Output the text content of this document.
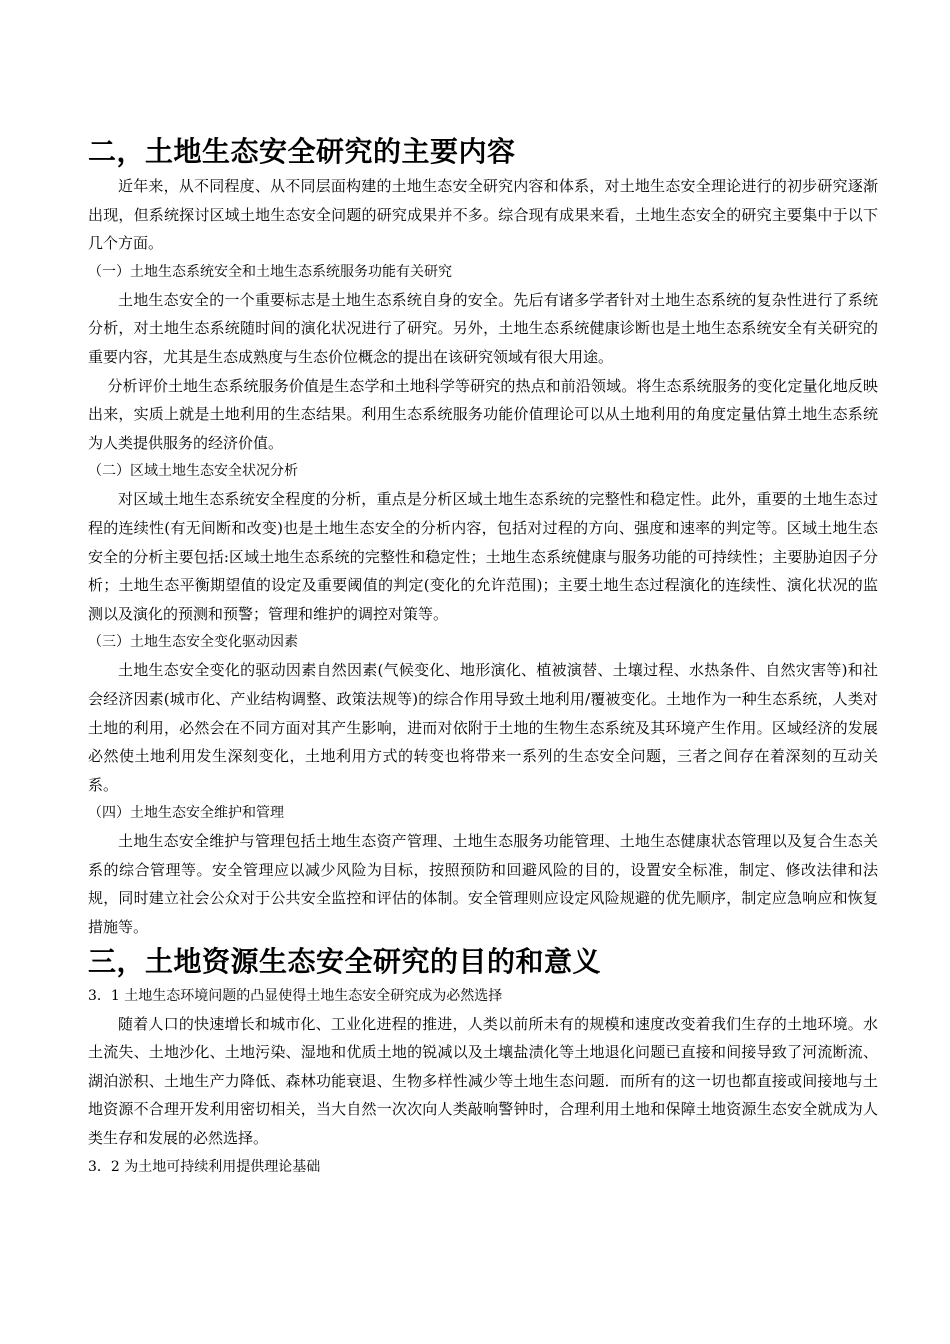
二，土地生态安全研究的主要内容

近年来，从不同程度、从不同层面构建的土地生态安全研究内容和体系，对土地生态安全理论进行的初步研究逐渐出现，但系统探讨区域土地生态安全问题的研究成果并不多。综合现有成果来看，土地生态安全的研究主要集中于以下几个方面。

（一）土地生态系统安全和土地生态系统服务功能有关研究

土地生态安全的一个重要标志是土地生态系统自身的安全。先后有诸多学者针对土地生态系统的复杂性进行了系统分析，对土地生态系统随时间的演化状况进行了研究。另外，土地生态系统健康诊断也是土地生态系统安全有关研究的重要内容，尤其是生态成熟度与生态价位概念的提出在该研究领域有很大用途。

分析评价土地生态系统服务价值是生态学和土地科学等研究的热点和前沿领域。将生态系统服务的变化定量化地反映出来，实质上就是土地利用的生态结果。利用生态系统服务功能价值理论可以从土地利用的角度定量估算土地生态系统为人类提供服务的经济价值。

（二）区域土地生态安全状况分析

对区域土地生态系统安全程度的分析，重点是分析区域土地生态系统的完整性和稳定性。此外，重要的土地生态过程的连续性(有无间断和改变)也是土地生态安全的分析内容，包括对过程的方向、强度和速率的判定等。区域土地生态安全的分析主要包括:区域土地生态系统的完整性和稳定性；土地生态系统健康与服务功能的可持续性；主要胁迫因子分析；土地生态平衡期望值的设定及重要阈值的判定(变化的允许范围)；主要土地生态过程演化的连续性、演化状况的监测以及演化的预测和预警；管理和维护的调控对策等。

（三）土地生态安全变化驱动因素

土地生态安全变化的驱动因素自然因素(气候变化、地形演化、植被演替、土壤过程、水热条件、自然灾害等)和社会经济因素(城市化、产业结构调整、政策法规等)的综合作用导致土地利用/覆被变化。土地作为一种生态系统，人类对土地的利用，必然会在不同方面对其产生影响，进而对依附于土地的生物生态系统及其环境产生作用。区域经济的发展必然使土地利用发生深刻变化，土地利用方式的转变也将带来一系列的生态安全问题，三者之间存在着深刻的互动关系。

（四）土地生态安全维护和管理

土地生态安全维护与管理包括土地生态资产管理、土地生态服务功能管理、土地生态健康状态管理以及复合生态关系的综合管理等。安全管理应以减少风险为目标，按照预防和回避风险的目的，设置安全标准，制定、修改法律和法规，同时建立社会公众对于公共安全监控和评估的体制。安全管理则应设定风险规避的优先顺序，制定应急响应和恢复措施等。

三，土地资源生态安全研究的目的和意义

3．1 土地生态环境问题的凸显使得土地生态安全研究成为必然选择

随着人口的快速增长和城市化、工业化进程的推进，人类以前所未有的规模和速度改变着我们生存的土地环境。水土流失、土地沙化、土地污染、湿地和优质土地的锐减以及土壤盐渍化等土地退化问题已直接和间接导致了河流断流、湖泊淤积、土地生产力降低、森林功能衰退、生物多样性减少等土地生态问题．而所有的这一切也都直接或间接地与土地资源不合理开发利用密切相关，当大自然一次次向人类敲响警钟时，合理利用土地和保障土地资源生态安全就成为人类生存和发展的必然选择。

3．2 为土地可持续利用提供理论基础
